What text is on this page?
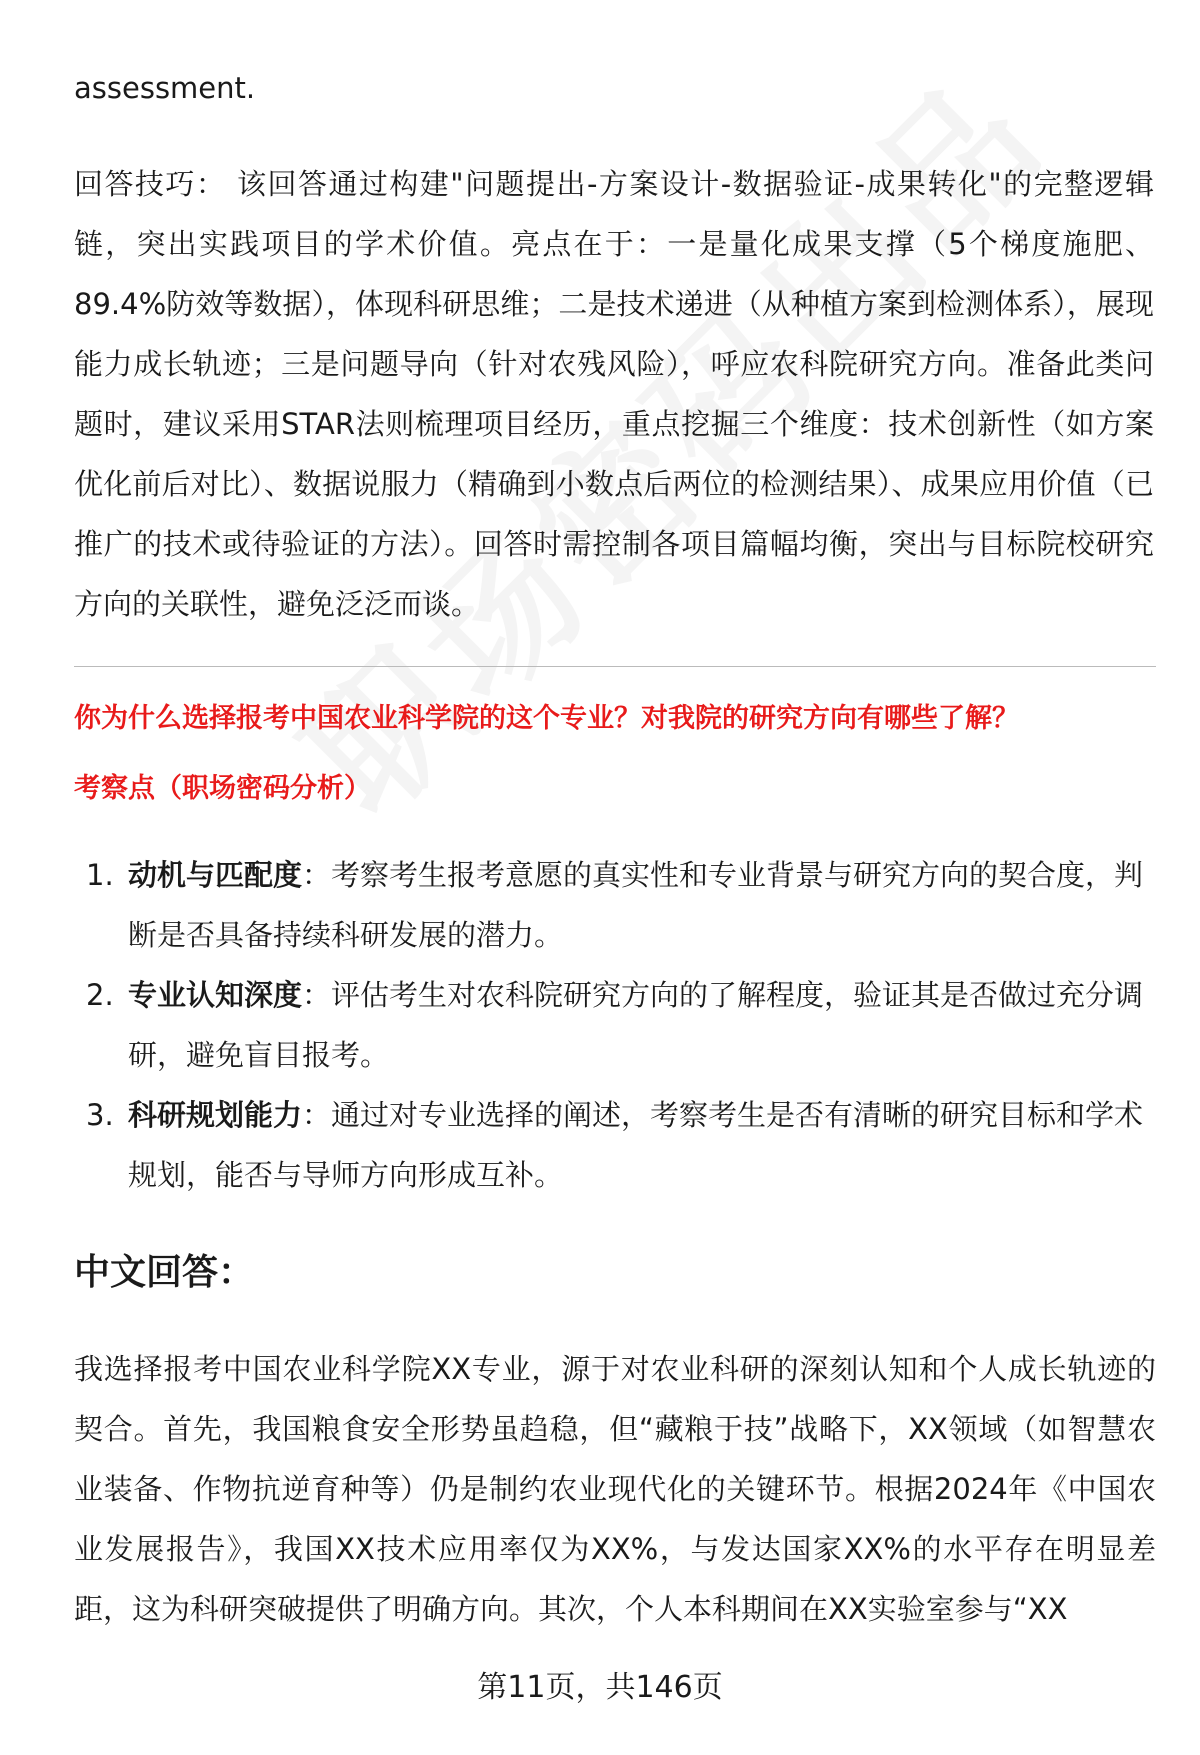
assessment.

回答技巧： 该回答通过构建"问题提出-方案设计-数据验证-成果转化"的完整逻辑链，突出实践项目的学术价值。亮点在于：一是量化成果支撑（5个梯度施肥、89.4%防效等数据），体现科研思维；二是技术递进（从种植方案到检测体系），展现能力成长轨迹；三是问题导向（针对农残风险），呼应农科院研究方向。准备此类问题时，建议采用STAR法则梳理项目经历，重点挖掘三个维度：技术创新性（如方案优化前后对比）、数据说服力（精确到小数点后两位的检测结果）、成果应用价值（已推广的技术或待验证的方法）。回答时需控制各项目篇幅均衡，突出与目标院校研究方向的关联性，避免泛泛而谈。

你为什么选择报考中国农业科学院的这个专业？对我院的研究方向有哪些了解？
考察点（职场密码分析）
1. 动机与匹配度：考察考生报考意愿的真实性和专业背景与研究方向的契合度，判断是否具备持续科研发展的潜力。
2. 专业认知深度：评估考生对农科院研究方向的了解程度，验证其是否做过充分调研，避免盲目报考。
3. 科研规划能力：通过对专业选择的阐述，考察考生是否有清晰的研究目标和学术规划，能否与导师方向形成互补。
中文回答：

我选择报考中国农业科学院XX专业，源于对农业科研的深刻认知和个人成长轨迹的契合。首先，我国粮食安全形势虽趋稳，但“藏粮于技”战略下，XX领域（如智慧农业装备、作物抗逆育种等）仍是制约农业现代化的关键环节。根据2024年《中国农业发展报告》，我国XX技术应用率仅为XX%，与发达国家XX%的水平存在明显差距，这为科研突破提供了明确方向。其次，个人本科期间在XX实验室参与“XX

第11页，共146页
